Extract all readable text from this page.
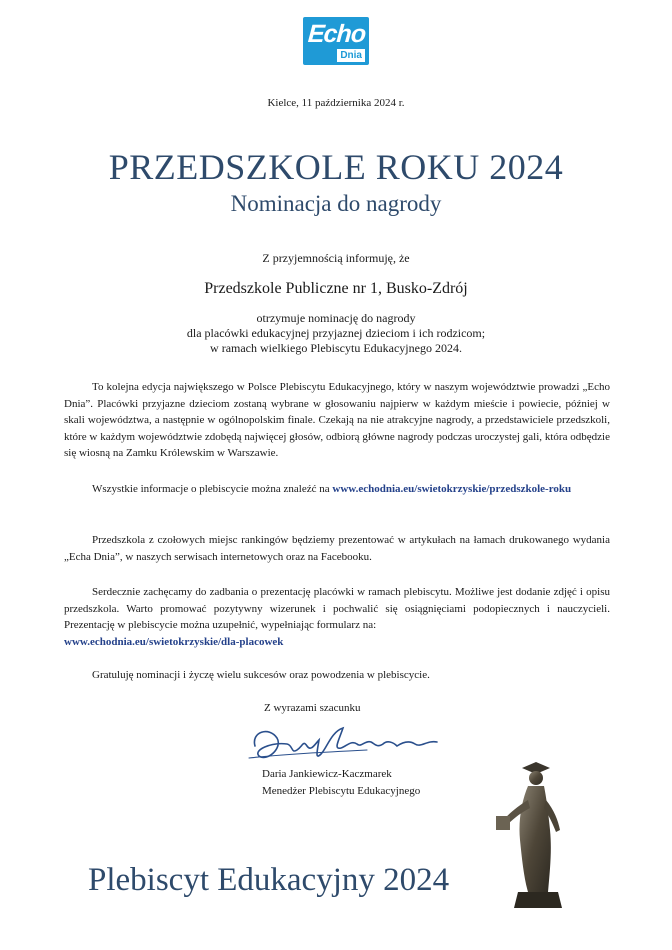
Echo
Dnia
Kielce, 11 października 2024 r.
PRZEDSZKOLE ROKU 2024
Nominacja do nagrody
Z przyjemnością informuję, że
Przedszkole Publiczne nr 1, Busko-Zdrój
otrzymuje nominację do nagrody
dla placówki edukacyjnej przyjaznej dzieciom i ich rodzicom;
w ramach wielkiego Plebiscytu Edukacyjnego 2024.
To kolejna edycja największego w Polsce Plebiscytu Edukacyjnego, który w naszym województwie prowadzi „Echo Dnia”. Placówki przyjazne dzieciom zostaną wybrane w głosowaniu najpierw w każdym mieście i powiecie, później w skali województwa, a następnie w ogólnopolskim finale. Czekają na nie atrakcyjne nagrody, a przedstawiciele przedszkoli, które w każdym województwie zdobędą najwięcej głosów, odbiorą główne nagrody podczas uroczystej gali, która odbędzie się wiosną na Zamku Królewskim w Warszawie.
Wszystkie informacje o plebiscycie można znaleźć na www.echodnia.eu/swietokrzyskie/przedszkole-roku
Przedszkola z czołowych miejsc rankingów będziemy prezentować w artykułach na łamach drukowanego wydania „Echa Dnia”, w naszych serwisach internetowych oraz na Facebooku.
Serdecznie zachęcamy do zadbania o prezentację placówki w ramach plebiscytu. Możliwe jest dodanie zdjęć i opisu przedszkola. Warto promować pozytywny wizerunek i pochwalić się osiągnięciami podopiecznych i nauczycieli. Prezentację w plebiscycie można uzupełnić, wypełniając formularz na:
www.echodnia.eu/swietokrzyskie/dla-placowek
Gratuluję nominacji i życzę wielu sukcesów oraz powodzenia w plebiscycie.
Z wyrazami szacunku
Daria Jankiewicz-Kaczmarek
Menedżer Plebiscytu Edukacyjnego
Plebiscyt Edukacyjny 2024
